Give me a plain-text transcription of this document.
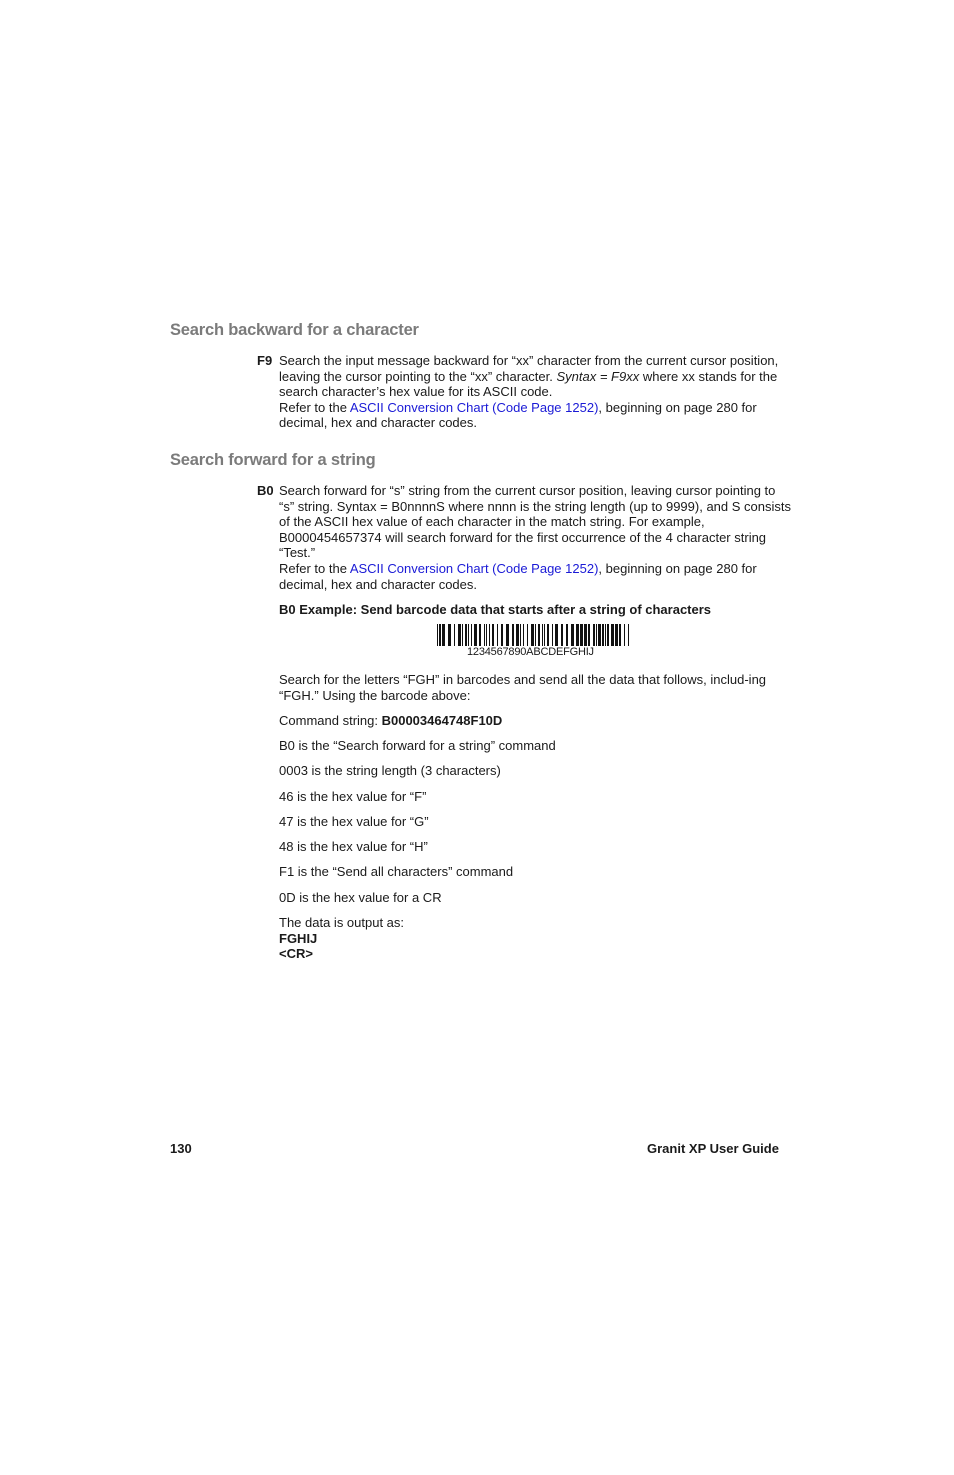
Search backward for a character
F9 Search the input message backward for “xx” character from the current cursor position, leaving the cursor pointing to the “xx” character. Syntax = F9xx where xx stands for the search character’s hex value for its ASCII code.

Refer to the ASCII Conversion Chart (Code Page 1252), beginning on page 280 for decimal, hex and character codes.

Search forward for a string
B0 Search forward for “s” string from the current cursor position, leaving cursor pointing to “s” string. Syntax = B0nnnnS where nnnn is the string length (up to 9999), and S consists of the ASCII hex value of each character in the match string. For example, B0000454657374 will search forward for the first occurrence of the 4 character string “Test.”

Refer to the ASCII Conversion Chart (Code Page 1252), beginning on page 280 for decimal, hex and character codes.

B0 Example: Send barcode data that starts after a string of characters
1234567890ABCDEFGHIJ
Search for the letters “FGH” in barcodes and send all the data that follows, includ-ing “FGH.” Using the barcode above:
Command string: B00003464748F10D
B0 is the “Search forward for a string” command
0003 is the string length (3 characters)
46 is the hex value for “F”
47 is the hex value for “G”
48 is the hex value for “H”
F1 is the “Send all characters” command
0D is the hex value for a CR
The data is output as:
FGHIJ
<CR>
130	Granit XP User Guide
